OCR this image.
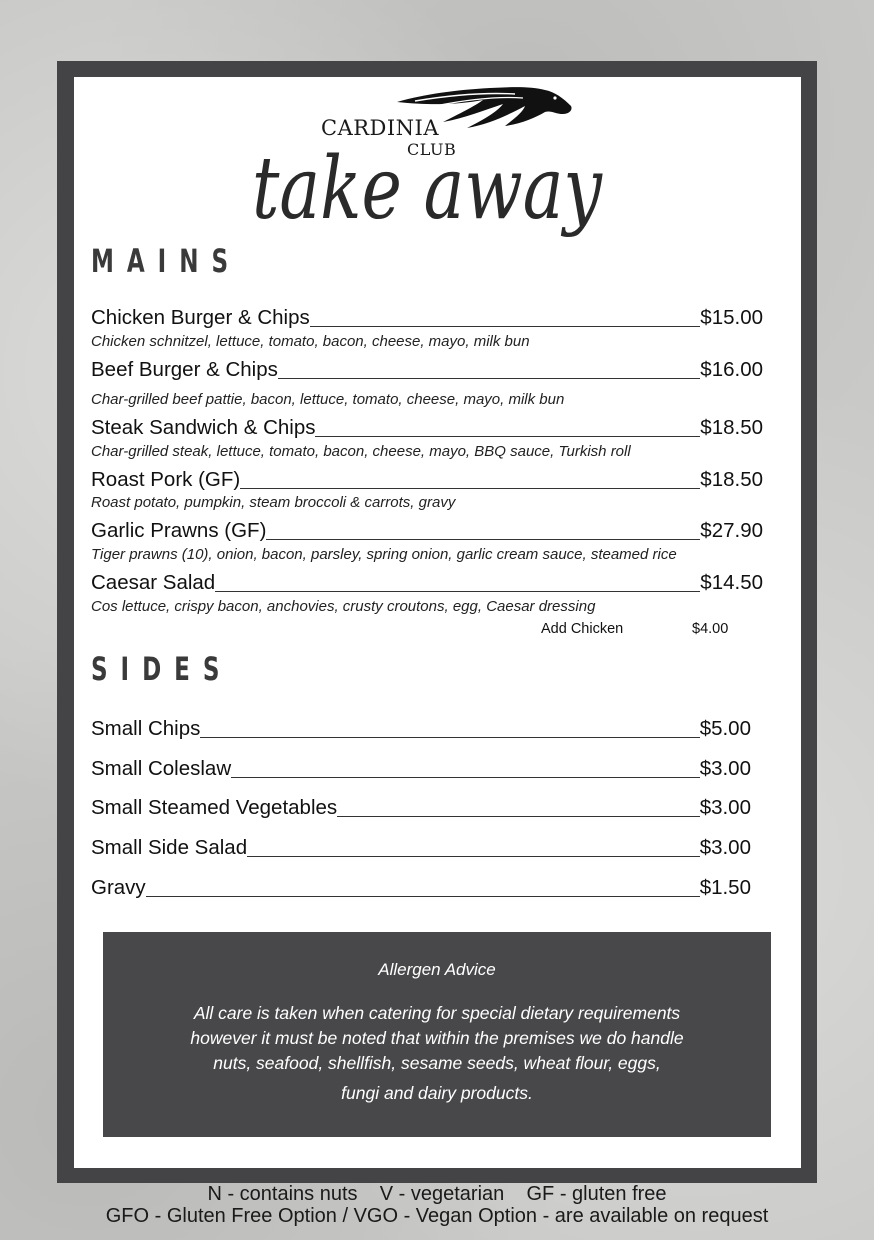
CARDINIA
CLUB
take away
MAINS
Chicken Burger & Chips	$15.00
Chicken schnitzel, lettuce, tomato, bacon, cheese, mayo, milk bun
Beef Burger & Chips	$16.00
Char-grilled beef pattie, bacon, lettuce, tomato, cheese, mayo, milk bun
Steak Sandwich & Chips	$18.50
Char-grilled steak, lettuce, tomato, bacon, cheese, mayo, BBQ sauce, Turkish roll
Roast Pork (GF)	$18.50
Roast potato, pumpkin, steam broccoli & carrots, gravy
Garlic Prawns (GF)	$27.90
Tiger prawns (10), onion, bacon, parsley, spring onion, garlic cream sauce, steamed rice
Caesar Salad	$14.50
Cos lettuce, crispy bacon, anchovies, crusty croutons, egg, Caesar dressing
Add Chicken	$4.00
SIDES
Small Chips	$5.00
Small Coleslaw	$3.00
Small Steamed Vegetables	$3.00
Small Side Salad	$3.00
Gravy	$1.50
Allergen Advice
All care is taken when catering for special dietary requirements
however it must be noted that within the premises we do handle
nuts, seafood, shellfish, sesame seeds, wheat flour, eggs,
fungi and dairy products.
N - contains nuts    V - vegetarian    GF - gluten free
GFO - Gluten Free Option / VGO - Vegan Option - are available on request
